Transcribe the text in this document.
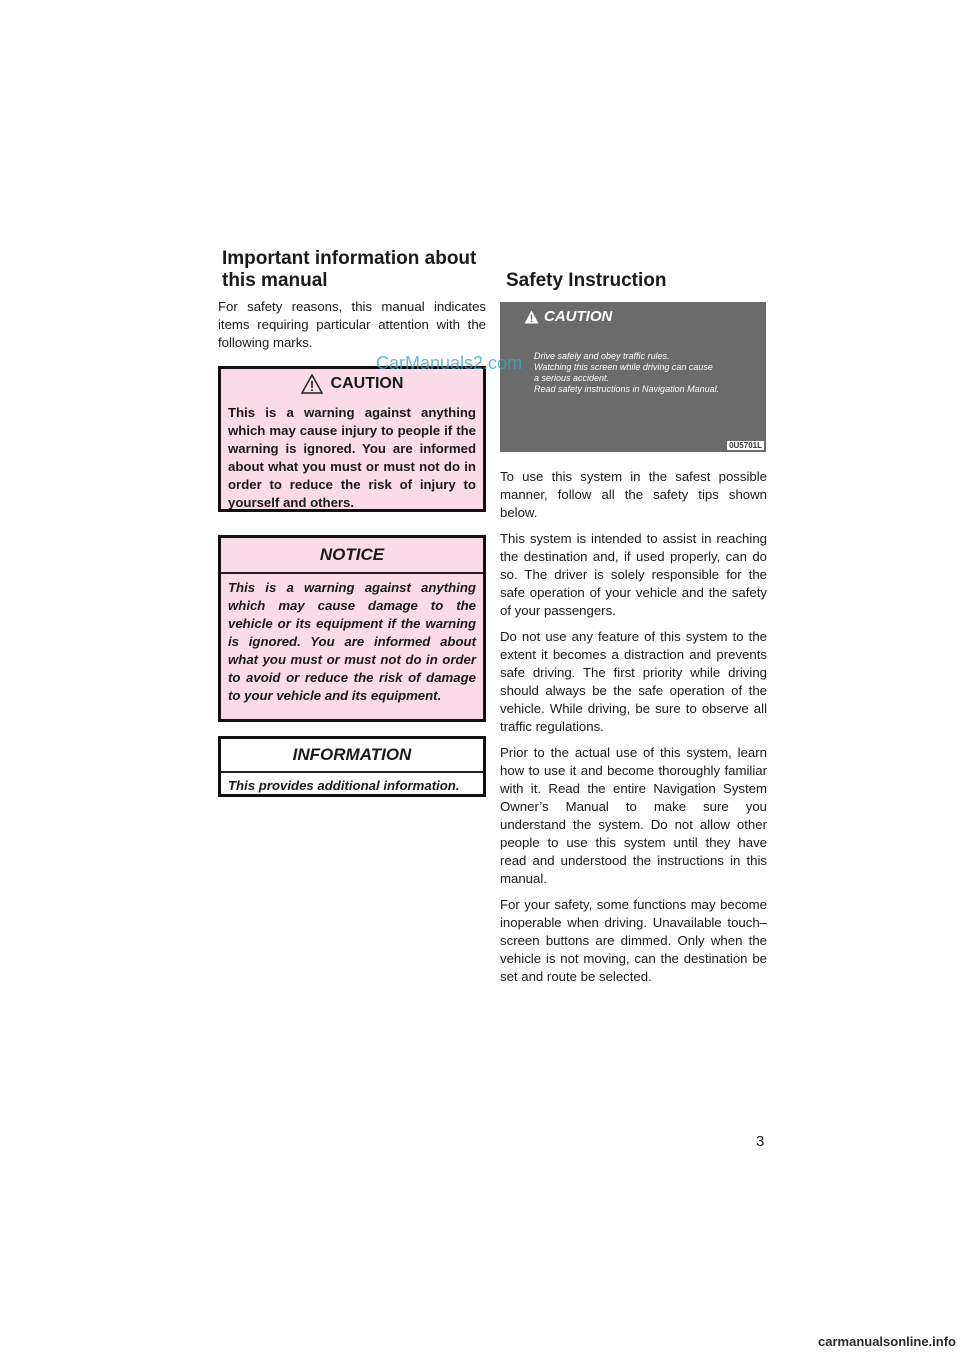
Important information about
this manual

For safety reasons, this manual indicates items requiring particular attention with the following marks.

CAUTION
This is a warning against anything which may cause injury to people if the warning is ignored. You are informed about what you must or must not do in order to reduce the risk of injury to yourself and others.
NOTICE
This is a warning against anything which may cause damage to the vehicle or its equipment if the warning is ignored. You are informed about what you must or must not do in order to avoid or reduce the risk of damage to your vehicle and its equipment.
INFORMATION
This provides additional information.
Safety Instruction
CAUTION
Drive safely and obey traffic rules.
Watching this screen while driving can cause
a serious accident.
Read safety instructions in Navigation Manual.
0U5701L

To use this system in the safest possible manner, follow all the safety tips shown below.

This system is intended to assist in reaching the destination and, if used properly, can do so. The driver is solely responsible for the safe operation of your vehicle and the safety of your passengers.

Do not use any feature of this system to the extent it becomes a distraction and prevents safe driving. The first priority while driving should always be the safe operation of the vehicle. While driving, be sure to observe all traffic regulations.

Prior to the actual use of this system, learn how to use it and become thoroughly familiar with it. Read the entire Navigation System Owner’s Manual to make sure you understand the system. Do not allow other people to use this system until they have read and understood the instructions in this manual.

For your safety, some functions may become inoperable when driving. Unavailable touch–screen buttons are dimmed. Only when the vehicle is not moving, can the destination be set and route be selected.

CarManuals2.com
3
carmanualsonline.info
